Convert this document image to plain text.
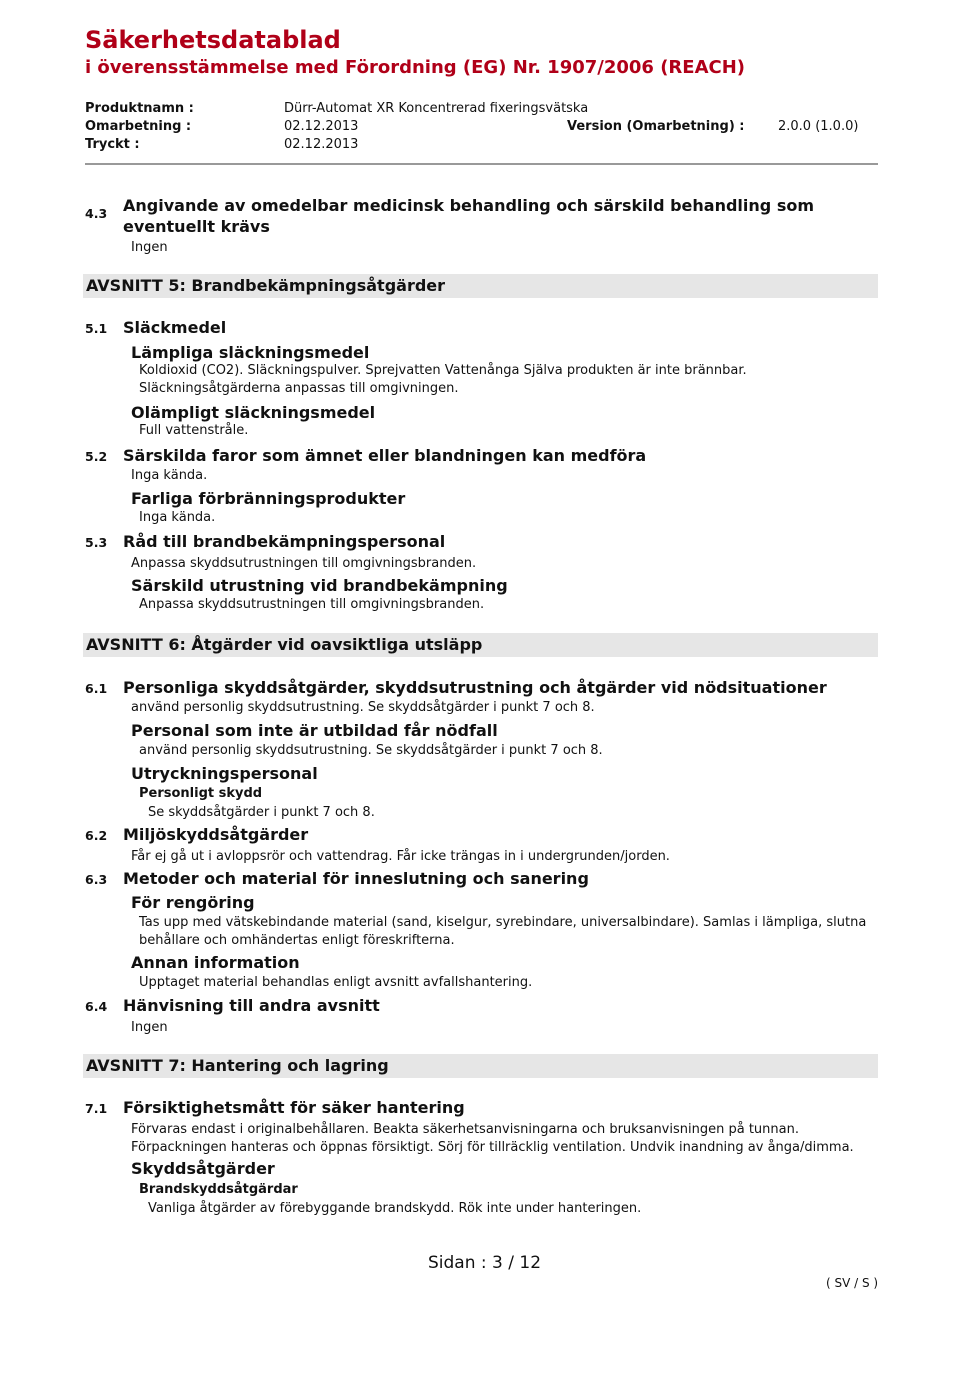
Säkerhetsdatablad
i överensstämmelse med Förordning (EG) Nr. 1907/2006 (REACH)
Produktnamn :	Dürr-Automat XR Koncentrerad fixeringsvätska
Omarbetning :	02.12.2013	Version (Omarbetning) :	2.0.0 (1.0.0)
Tryckt :	02.12.2013
4.3 Angivande av omedelbar medicinsk behandling och särskild behandling som eventuellt krävs
Ingen
AVSNITT 5: Brandbekämpningsåtgärder
5.1 Släckmedel
Lämpliga släckningsmedel
Koldioxid (CO2). Släckningspulver. Sprejvatten Vattenånga Själva produkten är inte brännbar. Släckningsåtgärderna anpassas till omgivningen.
Olämpligt släckningsmedel
Full vattenstråle.
5.2 Särskilda faror som ämnet eller blandningen kan medföra
Inga kända.
Farliga förbränningsprodukter
Inga kända.
5.3 Råd till brandbekämpningspersonal
Anpassa skyddsutrustningen till omgivningsbranden.
Särskild utrustning vid brandbekämpning
Anpassa skyddsutrustningen till omgivningsbranden.
AVSNITT 6: Åtgärder vid oavsiktliga utsläpp
6.1 Personliga skyddsåtgärder, skyddsutrustning och åtgärder vid nödsituationer
använd personlig skyddsutrustning. Se skyddsåtgärder i punkt 7 och 8.
Personal som inte är utbildad får nödfall
använd personlig skyddsutrustning. Se skyddsåtgärder i punkt 7 och 8.
Utryckningspersonal
Personligt skydd
Se skyddsåtgärder i punkt 7 och 8.
6.2 Miljöskyddsåtgärder
Får ej gå ut i avloppsrör och vattendrag. Får icke trängas in i undergrunden/jorden.
6.3 Metoder och material för inneslutning och sanering
För rengöring
Tas upp med vätskebindande material (sand, kiselgur, syrebindare, universalbindare). Samlas i lämpliga, slutna behållare och omhändertas enligt föreskrifterna.
Annan information
Upptaget material behandlas enligt avsnitt avfallshantering.
6.4 Hänvisning till andra avsnitt
Ingen
AVSNITT 7: Hantering och lagring
7.1 Försiktighetsmått för säker hantering
Förvaras endast i originalbehållaren. Beakta säkerhetsanvisningarna och bruksanvisningen på tunnan. Förpackningen hanteras och öppnas försiktigt. Sörj för tillräcklig ventilation. Undvik inandning av ånga/dimma.
Skyddsåtgärder
Brandskyddsåtgärdar
Vanliga åtgärder av förebyggande brandskydd. Rök inte under hanteringen.
Sidan : 3 / 12
( SV / S )
